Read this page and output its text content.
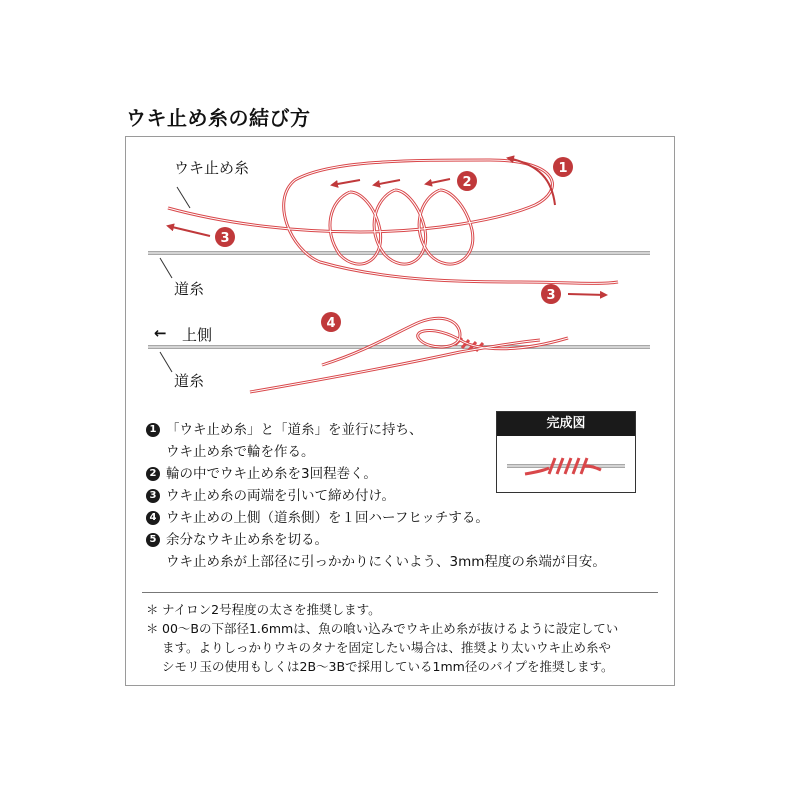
ウキ止め糸の結び方
1
2
3
3
4
ウキ止め糸
道糸
← 上側
道糸
完成図
1 「ウキ止め糸」と「道糸」を並行に持ち、
ウキ止め糸で輪を作る。
2 輪の中でウキ止め糸を3回程巻く。
3 ウキ止め糸の両端を引いて締め付け。
4 ウキ止めの上側（道糸側）を１回ハーフヒッチする。
5 余分なウキ止め糸を切る。
ウキ止め糸が上部径に引っかかりにくいよう、3mm程度の糸端が目安。
＊ ナイロン2号程度の太さを推奨します。
＊ 00～Bの下部径1.6mmは、魚の喰い込みでウキ止め糸が抜けるように設定してい
ます。よりしっかりウキのタナを固定したい場合は、推奨より太いウキ止め糸や
シモリ玉の使用もしくは2B～3Bで採用している1mm径のパイプを推奨します。
